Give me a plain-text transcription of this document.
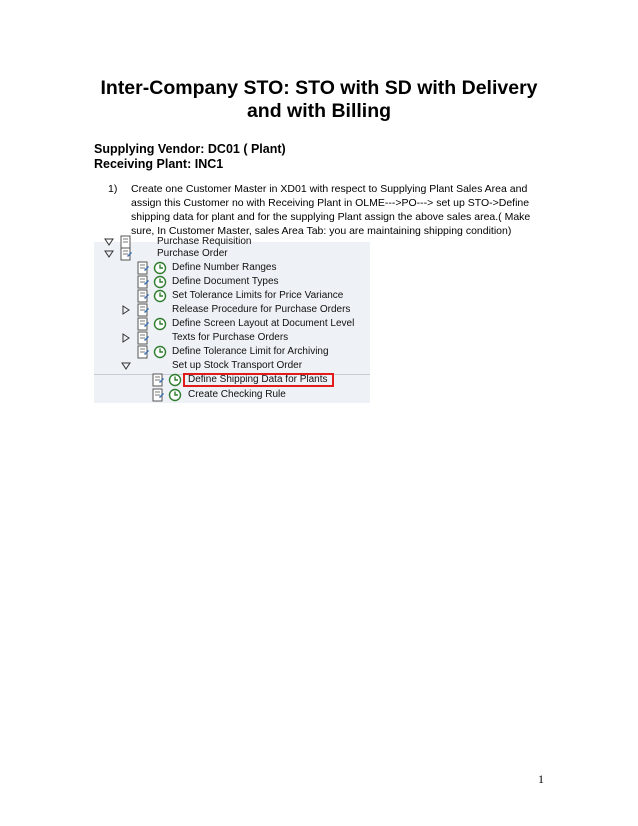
Inter-Company STO: STO with SD with Delivery
and with Billing
Supplying Vendor: DC01 ( Plant)
Receiving Plant: INC1
1) Create one Customer Master in XD01 with respect to Supplying Plant Sales Area and
assign this Customer no with Receiving Plant in OLME--->PO---> set up STO->Define
shipping data for plant and for the supplying Plant assign the above sales area.( Make
sure, In Customer Master, sales Area Tab: you are maintaining shipping condition)
Purchase Requisition
Purchase Order
Define Number Ranges
Define Document Types
Set Tolerance Limits for Price Variance
Release Procedure for Purchase Orders
Define Screen Layout at Document Level
Texts for Purchase Orders
Define Tolerance Limit for Archiving
Set up Stock Transport Order
Define Shipping Data for Plants
Create Checking Rule
1
